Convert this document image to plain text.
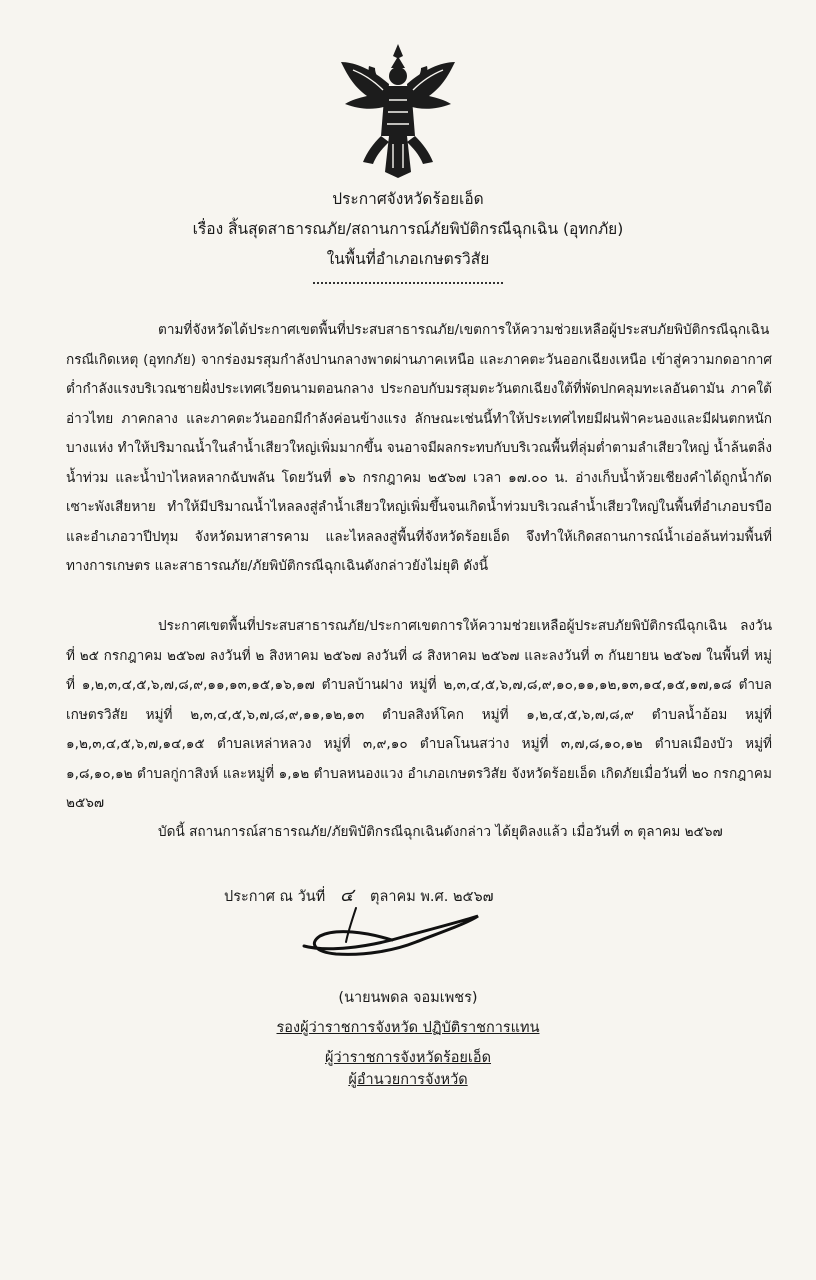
ประกาศจังหวัดร้อยเอ็ด
เรื่อง สิ้นสุดสาธารณภัย/สถานการณ์ภัยพิบัติกรณีฉุกเฉิน (อุทกภัย)
ในพื้นที่อำเภอเกษตรวิสัย

ตามที่จังหวัดได้ประกาศเขตพื้นที่ประสบสาธารณภัย/เขตการให้ความช่วยเหลือผู้ประสบภัยพิบัติกรณีฉุกเฉิน กรณีเกิดเหตุ (อุทกภัย) จากร่องมรสุมกำลังปานกลางพาดผ่านภาคเหนือ และภาคตะวันออกเฉียงเหนือ เข้าสู่ความกดอากาศต่ำกำลังแรงบริเวณชายฝั่งประเทศเวียดนามตอนกลาง ประกอบกับมรสุมตะวันตกเฉียงใต้ที่พัดปกคลุมทะเลอันดามัน ภาคใต้ อ่าวไทย ภาคกลาง และภาคตะวันออกมีกำลังค่อนข้างแรง ลักษณะเช่นนี้ทำให้ประเทศไทยมีฝนฟ้าคะนองและมีฝนตกหนักบางแห่ง ทำให้ปริมาณน้ำในลำน้ำเสียวใหญ่เพิ่มมากขึ้น จนอาจมีผลกระทบกับบริเวณพื้นที่ลุ่มต่ำตามลำเสียวใหญ่ น้ำล้นตลิ่ง น้ำท่วม และน้ำป่าไหลหลากฉับพลัน โดยวันที่ ๑๖ กรกฎาคม ๒๕๖๗ เวลา ๑๗.๐๐ น. อ่างเก็บน้ำห้วยเชียงคำได้ถูกน้ำกัดเซาะพังเสียหาย ทำให้มีปริมาณน้ำไหลลงสู่ลำน้ำเสียวใหญ่เพิ่มขึ้นจนเกิดน้ำท่วมบริเวณลำน้ำเสียวใหญ่ในพื้นที่อำเภอบรบือและอำเภอวาปีปทุม จังหวัดมหาสารคาม และไหลลงสู่พื้นที่จังหวัดร้อยเอ็ด จึงทำให้เกิดสถานการณ์น้ำเอ่อล้นท่วมพื้นที่ทางการเกษตร และสาธารณภัย/ภัยพิบัติกรณีฉุกเฉินดังกล่าวยังไม่ยุติ ดังนี้

ประกาศเขตพื้นที่ประสบสาธารณภัย/ประกาศเขตการให้ความช่วยเหลือผู้ประสบภัยพิบัติกรณีฉุกเฉิน ลงวันที่ ๒๕ กรกฎาคม ๒๕๖๗ ลงวันที่ ๒ สิงหาคม ๒๕๖๗ ลงวันที่ ๘ สิงหาคม ๒๕๖๗ และลงวันที่ ๓ กันยายน ๒๕๖๗ ในพื้นที่ หมู่ที่ ๑,๒,๓,๔,๕,๖,๗,๘,๙,๑๑,๑๓,๑๕,๑๖,๑๗ ตำบลบ้านฝาง หมู่ที่ ๒,๓,๔,๕,๖,๗,๘,๙,๑๐,๑๑,๑๒,๑๓,๑๔,๑๕,๑๗,๑๘ ตำบลเกษตรวิสัย หมู่ที่ ๒,๓,๔,๕,๖,๗,๘,๙,๑๑,๑๒,๑๓ ตำบลสิงห์โคก หมู่ที่ ๑,๒,๔,๕,๖,๗,๘,๙ ตำบลน้ำอ้อม หมู่ที่ ๑,๒,๓,๔,๕,๖,๗,๑๔,๑๕ ตำบลเหล่าหลวง หมู่ที่ ๓,๙,๑๐ ตำบลโนนสว่าง หมู่ที่ ๓,๗,๘,๑๐,๑๒ ตำบลเมืองบัว หมู่ที่ ๑,๘,๑๐,๑๒ ตำบลกู่กาสิงห์ และหมู่ที่ ๑,๑๒ ตำบลหนองแวง อำเภอเกษตรวิสัย จังหวัดร้อยเอ็ด เกิดภัยเมื่อวันที่ ๒๐ กรกฎาคม ๒๕๖๗

บัดนี้ สถานการณ์สาธารณภัย/ภัยพิบัติกรณีฉุกเฉินดังกล่าว ได้ยุติลงแล้ว เมื่อวันที่ ๓ ตุลาคม ๒๕๖๗

ประกาศ ณ วันที่ ๔ ตุลาคม พ.ศ. ๒๕๖๗
(นายนพดล จอมเพชร)
รองผู้ว่าราชการจังหวัด ปฏิบัติราชการแทน
ผู้ว่าราชการจังหวัดร้อยเอ็ด
ผู้อำนวยการจังหวัด
